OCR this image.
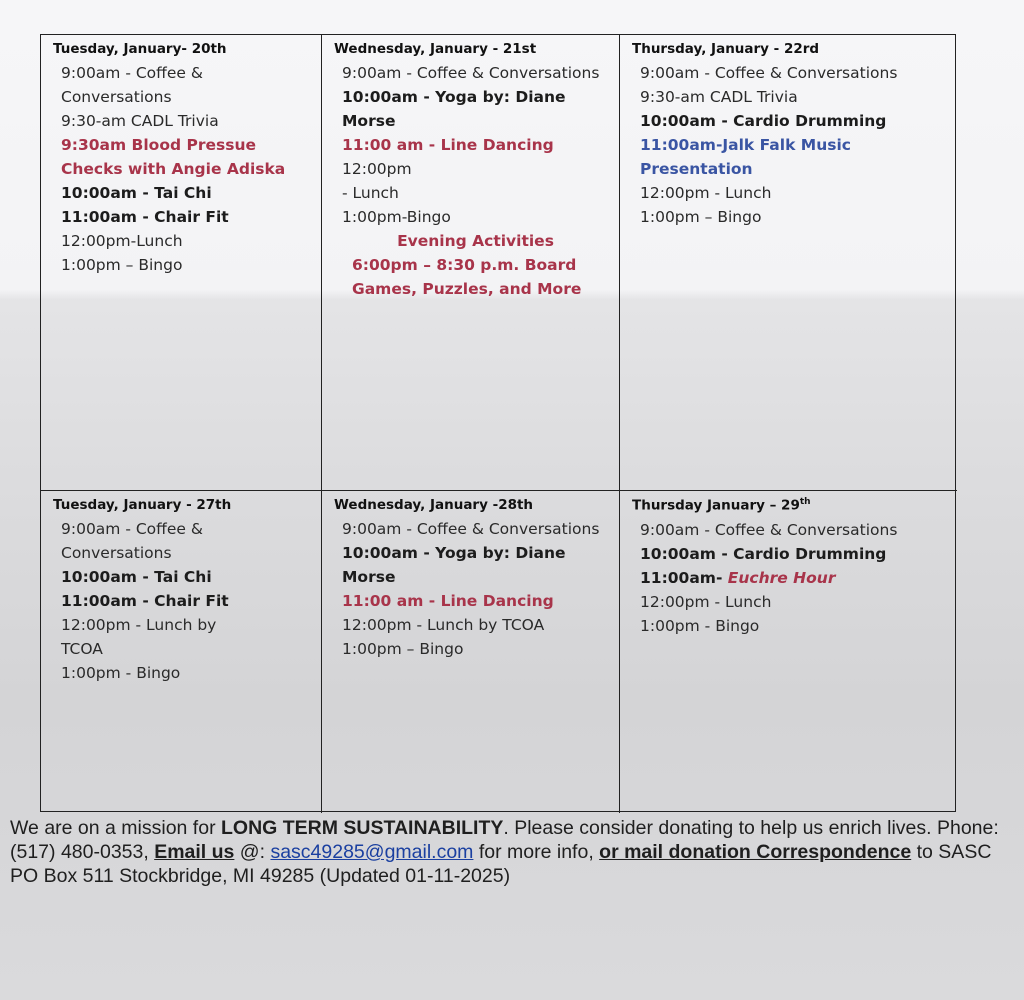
Tuesday, January- 20th
9:00am - Coffee &
Conversations
9:30-am CADL Trivia
9:30am Blood Pressue
Checks with Angie Adiska
10:00am - Tai Chi
11:00am - Chair Fit
12:00pm-Lunch
1:00pm – Bingo
Wednesday, January - 21st
9:00am - Coffee & Conversations
10:00am - Yoga by: Diane Morse
11:00 am - Line Dancing 12:00pm
- Lunch
1:00pm-Bingo
Evening Activities
6:00pm – 8:30 p.m. Board
Games, Puzzles, and More
Thursday, January - 22rd
9:00am - Coffee & Conversations
9:30-am CADL Trivia
10:00am - Cardio Drumming
11:00am-Jalk Falk Music
Presentation
12:00pm - Lunch
1:00pm – Bingo
Tuesday, January - 27th
9:00am - Coffee &
Conversations
10:00am - Tai Chi
11:00am - Chair Fit
12:00pm - Lunch by
TCOA
1:00pm - Bingo
Wednesday, January -28th
9:00am - Coffee & Conversations
10:00am - Yoga by: Diane Morse
11:00 am - Line Dancing
12:00pm - Lunch by TCOA
1:00pm – Bingo
Thursday January – 29th
9:00am - Coffee & Conversations
10:00am - Cardio Drumming
11:00am- Euchre Hour
12:00pm - Lunch
1:00pm - Bingo
We are on a mission for LONG TERM SUSTAINABILITY. Please consider donating to help us enrich lives. Phone: (517) 480-0353, Email us @: sasc49285@gmail.com for more info, or mail donation Correspondence to SASC PO Box 511 Stockbridge, MI 49285 (Updated 01-11-2025)
